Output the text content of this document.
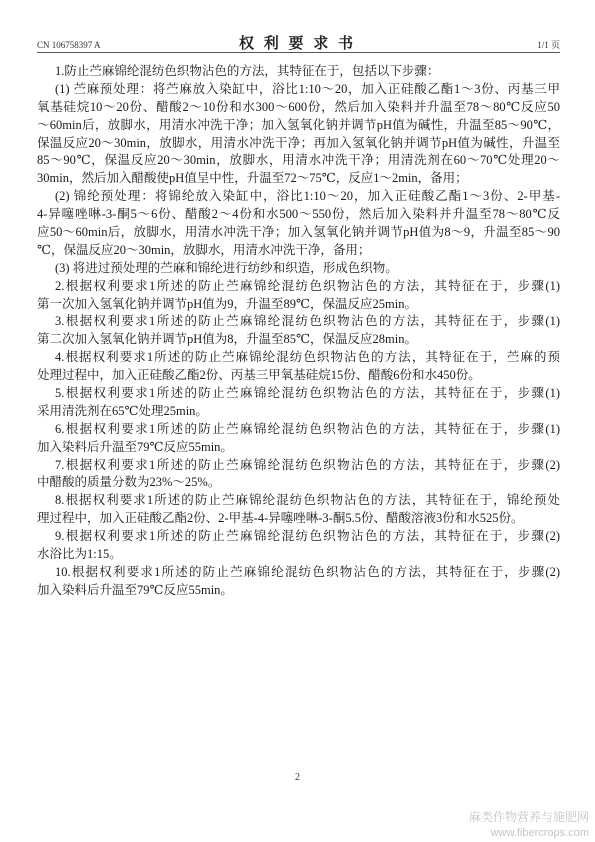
CN 106758397 A	权 利 要 求 书	1/1 页
1.防止苎麻锦纶混纺色织物沾色的方法，其特征在于，包括以下步骤：
(1) 苎麻预处理：将苎麻放入染缸中，浴比1:10～20，加入正硅酸乙酯1～3份、丙基三甲
氧基硅烷10～20份、醋酸2～10份和水300～600份，然后加入染料并升温至78～80℃反应50
～60min后，放脚水，用清水冲洗干净；加入氢氧化钠并调节pH值为碱性，升温至85～90℃，
保温反应20～30min，放脚水，用清水冲洗干净；再加入氢氧化钠并调节pH值为碱性，升温至
85～90℃，保温反应20～30min，放脚水，用清水冲洗干净；用清洗剂在60～70℃处理20～
30min，然后加入醋酸使pH值呈中性，升温至72～75℃，反应1～2min，备用；
(2) 锦纶预处理：将锦纶放入染缸中，浴比1:10～20，加入正硅酸乙酯1～3份、2-甲基-
4-异噻唑啉-3-酮5～6份、醋酸2～4份和水500～550份，然后加入染料并升温至78～80℃反
应50～60min后，放脚水，用清水冲洗干净；加入氢氧化钠并调节pH值为8～9，升温至85～90
℃，保温反应20～30min，放脚水，用清水冲洗干净，备用；
(3) 将进过预处理的苎麻和锦纶进行纺纱和织造，形成色织物。
2.根据权利要求1所述的防止苎麻锦纶混纺色织物沾色的方法，其特征在于，步骤(1)
第一次加入氢氧化钠并调节pH值为9，升温至89℃，保温反应25min。
3.根据权利要求1所述的防止苎麻锦纶混纺色织物沾色的方法，其特征在于，步骤(1)
第二次加入氢氧化钠并调节pH值为8，升温至85℃，保温反应28min。
4.根据权利要求1所述的防止苎麻锦纶混纺色织物沾色的方法，其特征在于，苎麻的预
处理过程中，加入正硅酸乙酯2份、丙基三甲氧基硅烷15份、醋酸6份和水450份。
5.根据权利要求1所述的防止苎麻锦纶混纺色织物沾色的方法，其特征在于，步骤(1)
采用清洗剂在65℃处理25min。
6.根据权利要求1所述的防止苎麻锦纶混纺色织物沾色的方法，其特征在于，步骤(1)
加入染料后升温至79℃反应55min。
7.根据权利要求1所述的防止苎麻锦纶混纺色织物沾色的方法，其特征在于，步骤(2)
中醋酸的质量分数为23%～25%。
8.根据权利要求1所述的防止苎麻锦纶混纺色织物沾色的方法，其特征在于，锦纶预处
理过程中，加入正硅酸乙酯2份、2-甲基-4-异噻唑啉-3-酮5.5份、醋酸溶液3份和水525份。
9.根据权利要求1所述的防止苎麻锦纶混纺色织物沾色的方法，其特征在于，步骤(2)
水浴比为1:15。
10.根据权利要求1所述的防止苎麻锦纶混纺色织物沾色的方法，其特征在于，步骤(2)
加入染料后升温至79℃反应55min。
2
麻类作物营养与施肥网
www.fibercrops.com
